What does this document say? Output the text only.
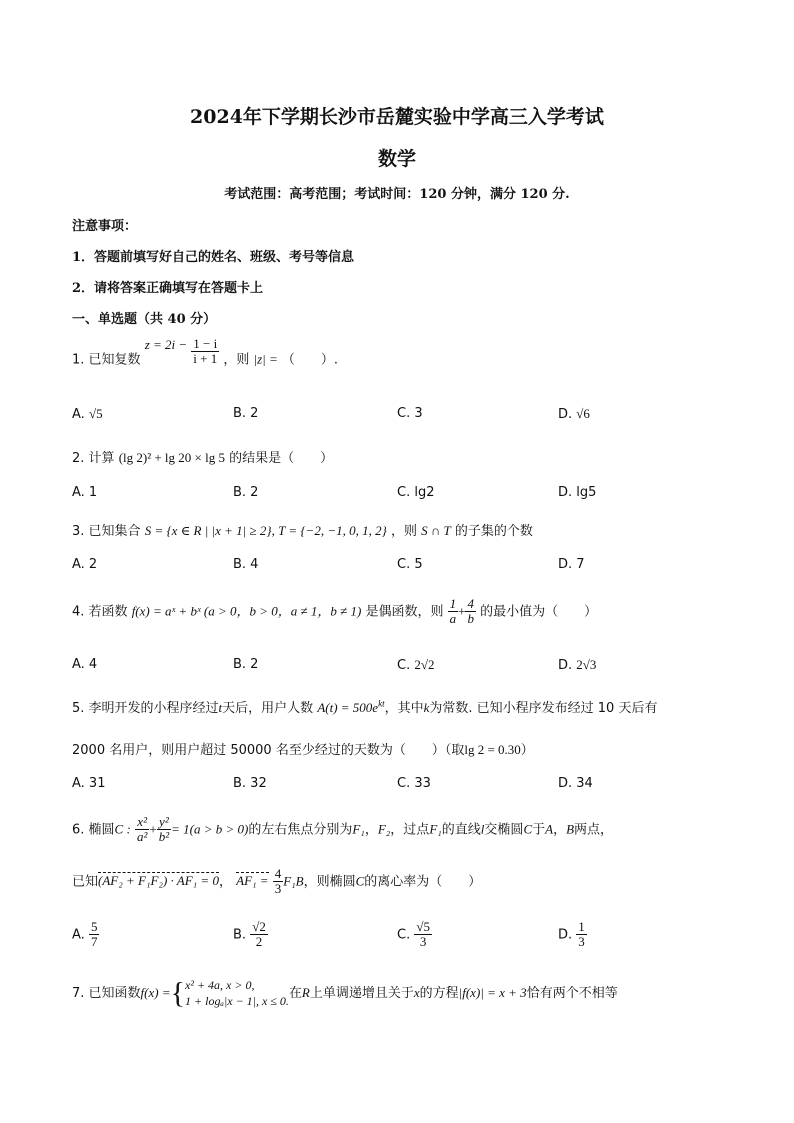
2024年下学期长沙市岳麓实验中学高三入学考试
数学
考试范围：高考范围；考试时间：120 分钟，满分 120 分.
注意事项：
1．答题前填写好自己的姓名、班级、考号等信息
2．请将答案正确填写在答题卡上
一、单选题（共 40 分）
1. 已知复数 $z = 2i - \frac{1 - i}{i + 1}$ ，则 |z| = （　　）.
A. √5	B. 2	C. 3	D. √6
2. 计算 (lg 2)² + lg 20 × lg 5 的结果是（　　）
A. 1	B. 2	C. lg2	D. lg5
3. 已知集合 S = {x ∈ R | |x + 1| ≥ 2}, T = {−2, −1, 0, 1, 2} ，则 S ∩ T 的子集的个数
A. 2	B. 4	C. 5	D. 7
4. 若函数 f(x) = aˣ + bˣ (a > 0，b > 0，a ≠ 1，b ≠ 1) 是偶函数，则 $\frac{1}{a} + \frac{4}{b}$ 的最小值为（　　）
A. 4	B. 2	C. 2√2	D. 2√3
5. 李明开发的小程序经过t天后，用户人数 $A(t) = 500e^{kt}$，其中k为常数. 已知小程序发布经过 10 天后有
2000 名用户，则用户超过 50000 名至少经过的天数为（　　）（取lg 2 = 0.30）
A. 31	B. 32	C. 33	D. 34
6. 椭圆C : $\frac{\text{x²}}{\text{a²}} + \frac{\text{y²}}{\text{b²}} = 1(a > b > 0)$的左右焦点分别为F₁，F₂，过点F₁的直线l交椭圆C于A，B两点，
已知(AF₂ + F₁F₂) · AF₁ = 0， $AF_1 = \frac{4}{3} F_1B$，则椭圆C的离心率为（　　）
A. $\frac{5}{7}$	B. $\frac{√2}{2}$	C. $\frac{√5}{3}$	D. $\frac{1}{3}$
7. 已知函数f(x) ={ x² + 4a, x > 0,
1 + logₐ|x − 1|, x ≤ 0. 在R上单调递增且关于x的方程|f(x)| = x + 3恰有两个不相等
